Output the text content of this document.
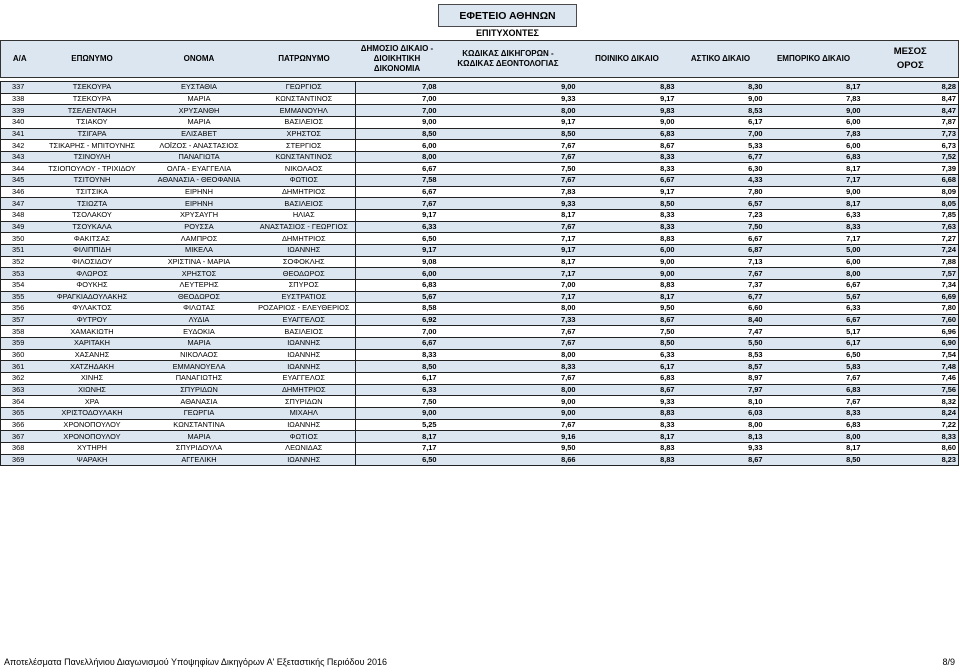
ΕΦΕΤΕΙΟ ΑΘΗΝΩΝ
ΕΠΙΤΥΧΟΝΤΕΣ
Α/Α	ΕΠΩΝΥΜΟ	ΟΝΟΜΑ	ΠΑΤΡΩΝΥΜΟ	ΔΗΜΟΣΙΟ ΔΙΚΑΙΟ -
ΔΙΟΙΚΗΤΙΚΗ ΔΙΚΟΝΟΜΙΑ	ΚΩΔΙΚΑΣ ΔΙΚΗΓΟΡΩΝ -
ΚΩΔΙΚΑΣ ΔΕΟΝΤΟΛΟΓΙΑΣ	ΠΟΙΝΙΚΟ ΔΙΚΑΙΟ	ΑΣΤΙΚΟ ΔΙΚΑΙΟ	ΕΜΠΟΡΙΚΟ ΔΙΚΑΙΟ	ΜΕΣΟΣ
ΟΡΟΣ

337	ΤΣΕΚΟΥΡΑ	ΕΥΣΤΑΘΙΑ	ΓΕΩΡΓΙΟΣ	7,08	9,00	8,83	8,30	8,17	8,28
338	ΤΣΕΚΟΥΡΑ	ΜΑΡΙΑ	ΚΩΝΣΤΑΝΤΙΝΟΣ	7,00	9,33	9,17	9,00	7,83	8,47
339	ΤΣΕΛΕΝΤΑΚΗ	ΧΡΥΣΑΝΘΗ	ΕΜΜΑΝΟΥΗΛ	7,00	8,00	9,83	8,53	9,00	8,47
340	ΤΣΙΑΚΟΥ	ΜΑΡΙΑ	ΒΑΣΙΛΕΙΟΣ	9,00	9,17	9,00	6,17	6,00	7,87
341	ΤΣΙΓΑΡΑ	ΕΛΙΣΑΒΕΤ	ΧΡΗΣΤΟΣ	8,50	8,50	6,83	7,00	7,83	7,73
342	ΤΣΙΚΑΡΗΣ - ΜΠΙΤΟΥΝΗΣ	ΛΟΪΖΟΣ - ΑΝΑΣΤΑΣΙΟΣ	ΣΤΕΡΓΙΟΣ	6,00	7,67	8,67	5,33	6,00	6,73
343	ΤΣΙΝΟΥΛΗ	ΠΑΝΑΓΙΩΤΑ	ΚΩΝΣΤΑΝΤΙΝΟΣ	8,00	7,67	8,33	6,77	6,83	7,52
344	ΤΣΙΟΠΟΥΛΟΥ - ΤΡΙΧΙΔΟΥ	ΟΛΓΑ - ΕΥΑΓΓΕΛΙΑ	ΝΙΚΟΛΑΟΣ	6,67	7,50	8,33	6,30	8,17	7,39
345	ΤΣΙΤΟΥΝΗ	ΑΘΑΝΑΣΙΑ - ΘΕΟΦΑΝΙΑ	ΦΩΤΙΟΣ	7,58	7,67	6,67	4,33	7,17	6,68
346	ΤΣΙΤΣΙΚΑ	ΕΙΡΗΝΗ	ΔΗΜΗΤΡΙΟΣ	6,67	7,83	9,17	7,80	9,00	8,09
347	ΤΣΙΩΖΤΑ	ΕΙΡΗΝΗ	ΒΑΣΙΛΕΙΟΣ	7,67	9,33	8,50	6,57	8,17	8,05
348	ΤΣΟΛΑΚΟΥ	ΧΡΥΣΑΥΓΗ	ΗΛΙΑΣ	9,17	8,17	8,33	7,23	6,33	7,85
349	ΤΣΟΥΚΑΛΑ	ΡΟΥΣΣΑ	ΑΝΑΣΤΑΣΙΟΣ - ΓΕΩΡΓΙΟΣ	6,33	7,67	8,33	7,50	8,33	7,63
350	ΦΑΚΙΤΣΑΣ	ΛΑΜΠΡΟΣ	ΔΗΜΗΤΡΙΟΣ	6,50	7,17	8,83	6,67	7,17	7,27
351	ΦΙΛΙΠΠΙΔΗ	ΜΙΚΕΛΑ	ΙΩΑΝΝΗΣ	9,17	9,17	6,00	6,87	5,00	7,24
352	ΦΙΛΟΣΙΔΟΥ	ΧΡΙΣΤΙΝΑ - ΜΑΡΙΑ	ΣΟΦΟΚΛΗΣ	9,08	8,17	9,00	7,13	6,00	7,88
353	ΦΛΩΡΟΣ	ΧΡΗΣΤΟΣ	ΘΕΟΔΩΡΟΣ	6,00	7,17	9,00	7,67	8,00	7,57
354	ΦΟΥΚΗΣ	ΛΕΥΤΕΡΗΣ	ΣΠΥΡΟΣ	6,83	7,00	8,83	7,37	6,67	7,34
355	ΦΡΑΓΚΙΑΔΟΥΛΑΚΗΣ	ΘΕΟΔΩΡΟΣ	ΕΥΣΤΡΑΤΙΟΣ	5,67	7,17	8,17	6,77	5,67	6,69
356	ΦΥΛΑΚΤΟΣ	ΦΙΛΩΤΑΣ	ΡΟΖΑΡΙΟΣ - ΕΛΕΥΘΕΡΙΟΣ	8,58	8,00	9,50	6,60	6,33	7,80
357	ΦΥΤΡΟΥ	ΛΥΔΙΑ	ΕΥΑΓΓΕΛΟΣ	6,92	7,33	8,67	8,40	6,67	7,60
358	ΧΑΜΑΚΙΩΤΗ	ΕΥΔΟΚΙΑ	ΒΑΣΙΛΕΙΟΣ	7,00	7,67	7,50	7,47	5,17	6,96
359	ΧΑΡΙΤΑΚΗ	ΜΑΡΙΑ	ΙΩΑΝΝΗΣ	6,67	7,67	8,50	5,50	6,17	6,90
360	ΧΑΣΑΝΗΣ	ΝΙΚΟΛΑΟΣ	ΙΩΑΝΝΗΣ	8,33	8,00	6,33	8,53	6,50	7,54
361	ΧΑΤΖΗΔΑΚΗ	ΕΜΜΑΝΟΥΕΛΑ	ΙΩΑΝΝΗΣ	8,50	8,33	6,17	8,57	5,83	7,48
362	ΧΙΝΗΣ	ΠΑΝΑΓΙΩΤΗΣ	ΕΥΑΓΓΕΛΟΣ	6,17	7,67	6,83	8,97	7,67	7,46
363	ΧΙΩΝΗΣ	ΣΠΥΡΙΔΩΝ	ΔΗΜΗΤΡΙΟΣ	6,33	8,00	8,67	7,97	6,83	7,56
364	ΧΡΑ	ΑΘΑΝΑΣΙΑ	ΣΠΥΡΙΔΩΝ	7,50	9,00	9,33	8,10	7,67	8,32
365	ΧΡΙΣΤΟΔΟΥΛΑΚΗ	ΓΕΩΡΓΙΑ	ΜΙΧΑΗΛ	9,00	9,00	8,83	6,03	8,33	8,24
366	ΧΡΟΝΟΠΟΥΛΟΥ	ΚΩΝΣΤΑΝΤΙΝΑ	ΙΩΑΝΝΗΣ	5,25	7,67	8,33	8,00	6,83	7,22
367	ΧΡΟΝΟΠΟΥΛΟΥ	ΜΑΡΙΑ	ΦΩΤΙΟΣ	8,17	9,16	8,17	8,13	8,00	8,33
368	ΧΥΤΗΡΗ	ΣΠΥΡΙΔΟΥΛΑ	ΛΕΩΝΙΔΑΣ	7,17	9,50	8,83	9,33	8,17	8,60
369	ΨΑΡΑΚΗ	ΑΓΓΕΛΙΚΗ	ΙΩΑΝΝΗΣ	6,50	8,66	8,83	8,67	8,50	8,23
Αποτελέσματα Πανελλήνιου Διαγωνισμού Υποψηφίων Δικηγόρων Α' Εξεταστικής Περιόδου 2016	8/9
